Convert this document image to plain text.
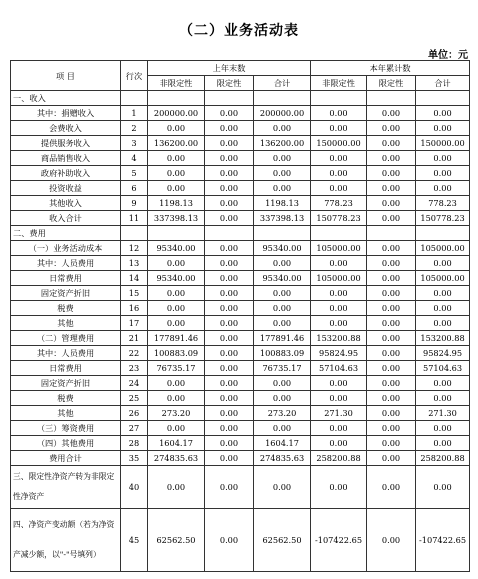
（二）业务活动表
单位：元
项 目	行次	上年末数			本年累计数		
		非限定性	限定性	合计	非限定性	限定性	合计
一、收入							
其中：捐赠收入	1	200000.00	0.00	200000.00	0.00	0.00	0.00
会费收入	2	0.00	0.00	0.00	0.00	0.00	0.00
提供服务收入	3	136200.00	0.00	136200.00	150000.00	0.00	150000.00
商品销售收入	4	0.00	0.00	0.00	0.00	0.00	0.00
政府补助收入	5	0.00	0.00	0.00	0.00	0.00	0.00
投资收益	6	0.00	0.00	0.00	0.00	0.00	0.00
其他收入	9	1198.13	0.00	1198.13	778.23	0.00	778.23
收入合计	11	337398.13	0.00	337398.13	150778.23	0.00	150778.23
二、费用							
（一）业务活动成本	12	95340.00	0.00	95340.00	105000.00	0.00	105000.00
其中：人员费用	13	0.00	0.00	0.00	0.00	0.00	0.00
日常费用	14	95340.00	0.00	95340.00	105000.00	0.00	105000.00
固定资产折旧	15	0.00	0.00	0.00	0.00	0.00	0.00
税费	16	0.00	0.00	0.00	0.00	0.00	0.00
其他	17	0.00	0.00	0.00	0.00	0.00	0.00
（二）管理费用	21	177891.46	0.00	177891.46	153200.88	0.00	153200.88
其中：人员费用	22	100883.09	0.00	100883.09	95824.95	0.00	95824.95
日常费用	23	76735.17	0.00	76735.17	57104.63	0.00	57104.63
固定资产折旧	24	0.00	0.00	0.00	0.00	0.00	0.00
税费	25	0.00	0.00	0.00	0.00	0.00	0.00
其他	26	273.20	0.00	273.20	271.30	0.00	271.30
（三）筹资费用	27	0.00	0.00	0.00	0.00	0.00	0.00
（四）其他费用	28	1604.17	0.00	1604.17	0.00	0.00	0.00
费用合计	35	274835.63	0.00	274835.63	258200.88	0.00	258200.88
三、限定性净资产转为非限定性净资产	40	0.00	0.00	0.00	0.00	0.00	0.00
四、净资产变动额（若为净资产减少额，以"-"号填列）	45	62562.50	0.00	62562.50	-107422.65	0.00	-107422.65
